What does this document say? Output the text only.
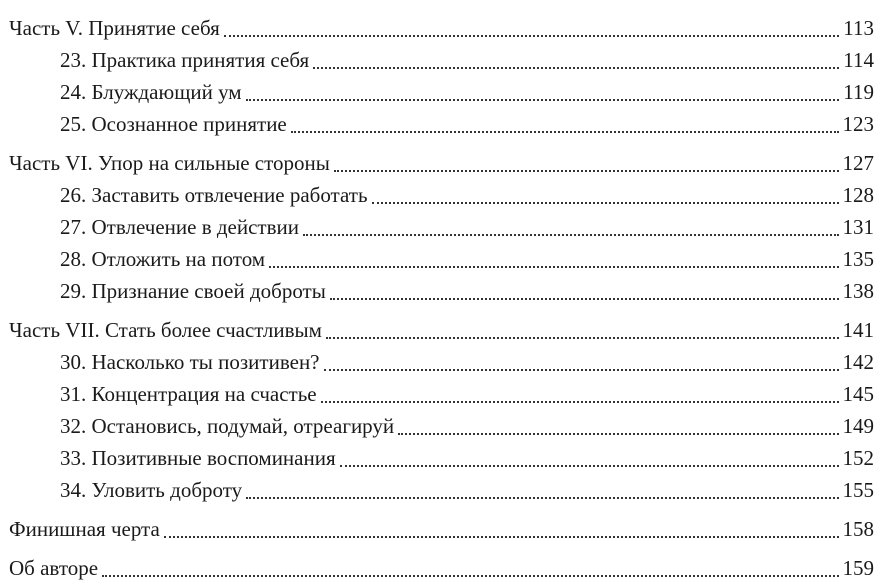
Часть V. Принятие себя	113
23. Практика принятия себя	114
24. Блуждающий ум	119
25. Осознанное принятие	123
Часть VI. Упор на сильные стороны	127
26. Заставить отвлечение работать	128
27. Отвлечение в действии	131
28. Отложить на потом	135
29. Признание своей доброты	138
Часть VII. Стать более счастливым	141
30. Насколько ты позитивен?	142
31. Концентрация на счастье	145
32. Остановись, подумай, отреагируй	149
33. Позитивные воспоминания	152
34. Уловить доброту	155
Финишная черта	158
Об авторе	159
